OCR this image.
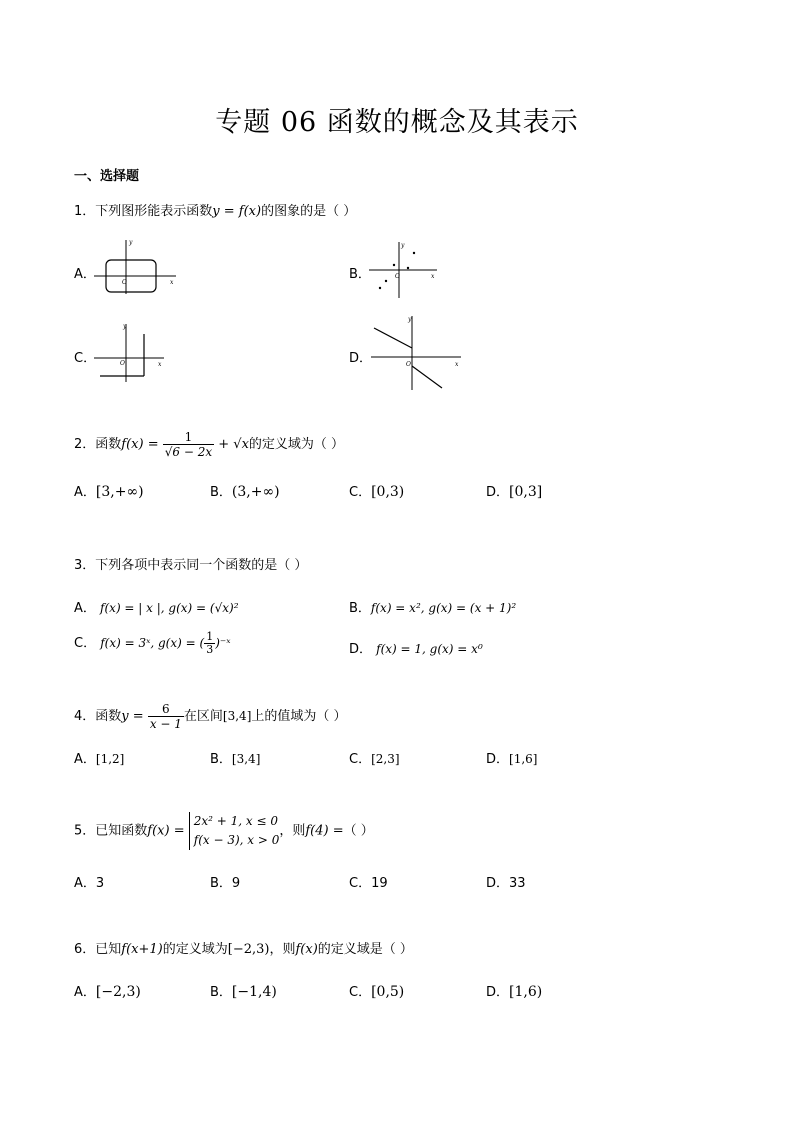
专题 06 函数的概念及其表示
一、选择题
1．下列图形能表示函数y = f(x)的图象的是（ ）
A．
y
x
O
B．
y
x
O
C．
y
x
O	D．
y
x
O
2．函数$f(x) = \frac{1}{√6 - 2x} + √x$的定义域为（ ）
A．[3,+∞)	B．(3,+∞)	C．[0,3)	D．[0,3]
3．下列各项中表示同一个函数的是（ ）
A． f(x) = | x |, g(x) = (√x)²	B．f(x) = x², g(x) = (x + 1)²
C． f(x) = 3ˣ, g(x) = ( $\frac{1}{3}$ )⁻ˣ	D． f(x) = 1, g(x) = x⁰
4．函数$y = \frac{6}{x - 1}$ 在区间[3,4]上的值域为（ ）
A．[1,2]	B．[3,4]	C．[2,3]	D．[1,6]
5．已知函数f(x) =
2x² + 1, x ≤ 0
f(x − 3), x > 0
，则f(4) =（ ）
A．3	B．9	C．19	D．33
6．已知f(x+1)的定义域为[−2,3)，则f(x)的定义域是（ ）
A．[−2,3)	B．[−1,4)	C．[0,5)	D．[1,6)
